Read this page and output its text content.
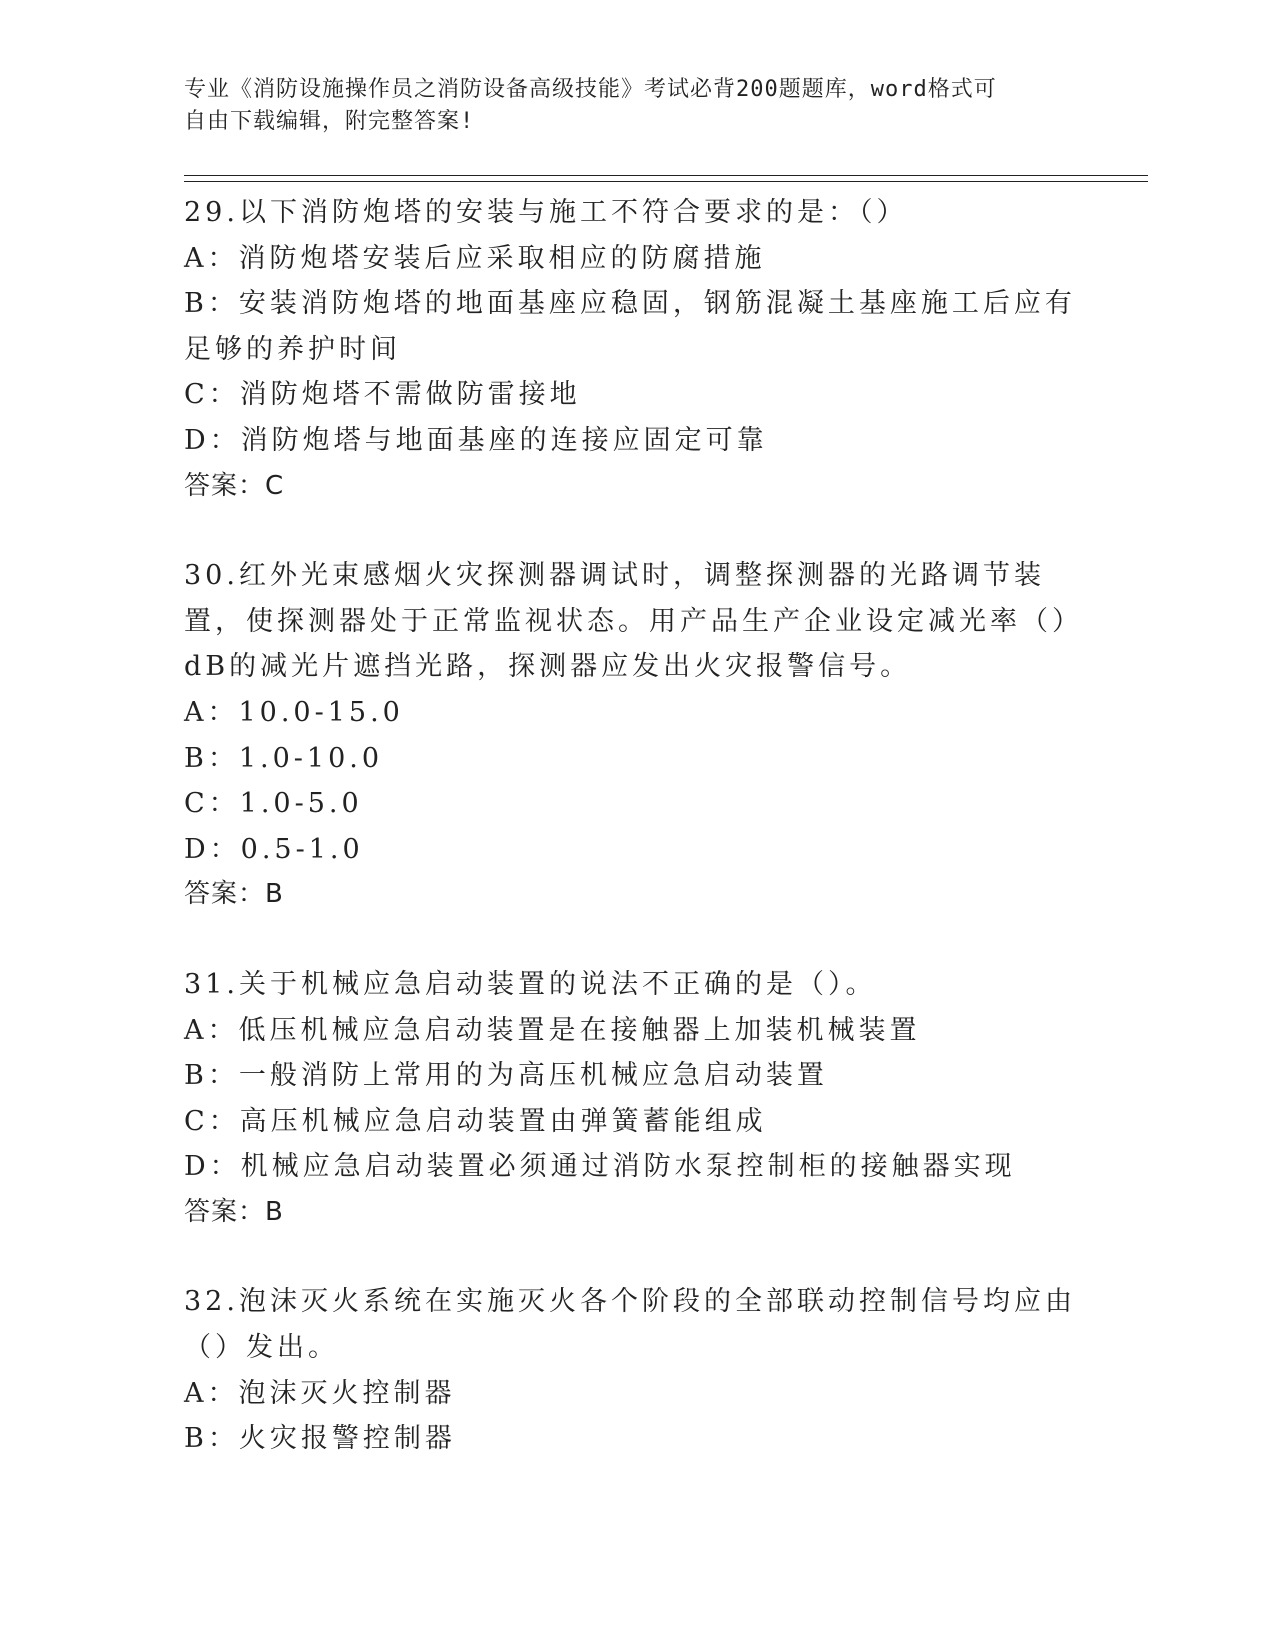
专业《消防设施操作员之消防设备高级技能》考试必背200题题库，word格式可
自由下载编辑，附完整答案!

29.以下消防炮塔的安装与施工不符合要求的是：（）

A：消防炮塔安装后应采取相应的防腐措施

B：安装消防炮塔的地面基座应稳固，钢筋混凝土基座施工后应有足够的养护时间

C：消防炮塔不需做防雷接地

D：消防炮塔与地面基座的连接应固定可靠

答案：C

30.红外光束感烟火灾探测器调试时，调整探测器的光路调节装置，使探测器处于正常监视状态。用产品生产企业设定减光率（）dB的减光片遮挡光路，探测器应发出火灾报警信号。

A：10.0-15.0

B：1.0-10.0

C：1.0-5.0

D：0.5-1.0

答案：B

31.关于机械应急启动装置的说法不正确的是（）。

A：低压机械应急启动装置是在接触器上加装机械装置

B：一般消防上常用的为高压机械应急启动装置

C：高压机械应急启动装置由弹簧蓄能组成

D：机械应急启动装置必须通过消防水泵控制柜的接触器实现

答案：B

32.泡沫灭火系统在实施灭火各个阶段的全部联动控制信号均应由（）发出。

A：泡沫灭火控制器

B：火灾报警控制器
